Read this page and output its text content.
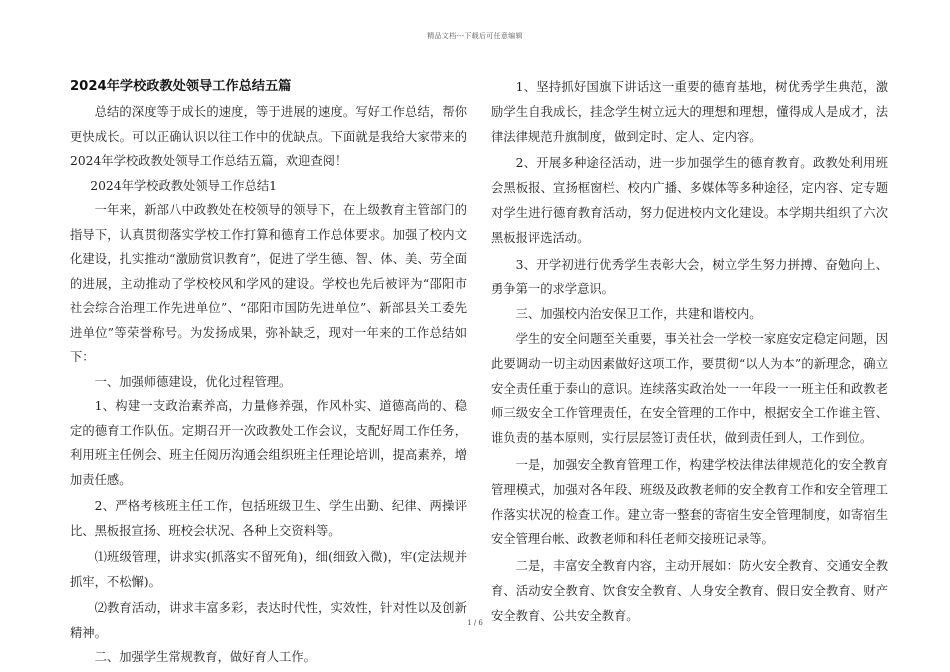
精品文档---下载后可任意编辑
2024年学校政教处领导工作总结五篇

总结的深度等于成长的速度，等于进展的速度。写好工作总结，帮你更快成长。可以正确认识以往工作中的优缺点。下面就是我给大家带来的2024年学校政教处领导工作总结五篇，欢迎查阅！

2024年学校政教处领导工作总结1

一年来，新部八中政教处在校领导的领导下，在上级教育主管部门的指导下，认真贯彻落实学校工作打算和德育工作总体要求。加强了校内文化建设，扎实推动“激励赏识教育”，促进了学生德、智、体、美、劳全面的进展，主动推动了学校校风和学风的建设。学校也先后被评为“邵阳市社会综合治理工作先进单位”、“邵阳市国防先进单位”、新部县关工委先进单位”等荣誉称号。为发扬成果，弥补缺乏，现对一年来的工作总结如下：

一、加强师德建设，优化过程管理。

1、构建一支政治素养高，力量修养强，作风朴实、道德高尚的、稳定的德育工作队伍。定期召开一次政教处工作会议，支配好周工作任务，利用班主任例会、班主任阅历沟通会组织班主任理论培训，提高素养，增加责任感。

2、严格考核班主任工作，包括班级卫生、学生出勤、纪律、两操评比、黑板报宣扬、班校会状况、各种上交资料等。

⑴班级管理，讲求实(抓落实不留死角)，细(细致入微)，牢(定法规并抓牢，不松懈)。

⑵教育活动，讲求丰富多彩，表达时代性，实效性，针对性以及创新精神。

二、加强学生常规教育，做好育人工作。

1、坚持抓好国旗下讲话这一重要的德育基地，树优秀学生典范，激励学生自我成长，挂念学生树立远大的理想和理想，懂得成人是成才，法律法律规范升旗制度，做到定时、定人、定内容。

2、开展多种途径活动，进一步加强学生的德育教育。政教处利用班会黑板报、宣扬框窗栏、校内广播、多媒体等多种途径，定内容、定专题对学生进行德育教育活动，努力促进校内文化建设。本学期共组织了六次黑板报评选活动。

3、开学初进行优秀学生表彰大会，树立学生努力拼搏、奋勉向上、勇争第一的求学意识。

三、加强校内治安保卫工作，共建和谐校内。

学生的安全问题至关重要，事关社会一学校一家庭安定稳定问题，因此要调动一切主动因素做好这项工作，要贯彻“以人为本”的新理念，确立安全责任重于泰山的意识。连续落实政治处一一年段一一班主任和政教老师三级安全工作管理责任，在安全管理的工作中，根据安全工作谁主管、谁负责的基本原则，实行层层签订责任状，做到责任到人，工作到位。

一是，加强安全教育管理工作，构建学校法律法律规范化的安全教育管理模式，加强对各年段、班级及政教老师的安全教育工作和安全管理工作落实状况的检查工作。建立寄一整套的寄宿生安全管理制度，如寄宿生安全管理台帐、政教老师和科任老师交接班记录等。

二是，丰富安全教育内容，主动开展如：防火安全教育、交通安全教育、活动安全教育、饮食安全教育、人身安全教育、假日安全教育、财产安全教育、公共安全教育。

1 / 6
